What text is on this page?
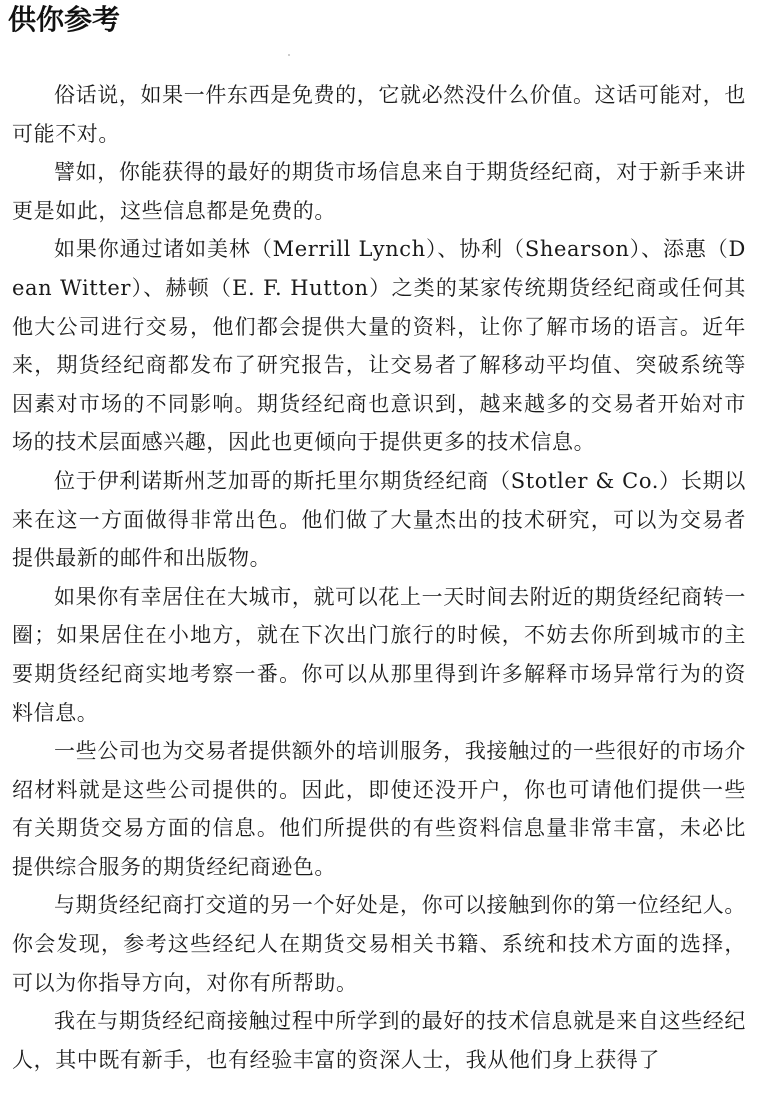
供你参考

俗话说，如果一件东西是免费的，它就必然没什么价值。这话可能对，也可能不对。

譬如，你能获得的最好的期货市场信息来自于期货经纪商，对于新手来讲更是如此，这些信息都是免费的。

如果你通过诸如美林（Merrill Lynch）、协利（Shearson）、添惠（Dean Witter）、赫顿（E. F. Hutton）之类的某家传统期货经纪商或任何其他大公司进行交易，他们都会提供大量的资料，让你了解市场的语言。近年来，期货经纪商都发布了研究报告，让交易者了解移动平均值、突破系统等因素对市场的不同影响。期货经纪商也意识到，越来越多的交易者开始对市场的技术层面感兴趣，因此也更倾向于提供更多的技术信息。

位于伊利诺斯州芝加哥的斯托里尔期货经纪商（Stotler & Co.）长期以来在这一方面做得非常出色。他们做了大量杰出的技术研究，可以为交易者提供最新的邮件和出版物。

如果你有幸居住在大城市，就可以花上一天时间去附近的期货经纪商转一圈；如果居住在小地方，就在下次出门旅行的时候，不妨去你所到城市的主要期货经纪商实地考察一番。你可以从那里得到许多解释市场异常行为的资料信息。

一些公司也为交易者提供额外的培训服务，我接触过的一些很好的市场介绍材料就是这些公司提供的。因此，即使还没开户，你也可请他们提供一些有关期货交易方面的信息。他们所提供的有些资料信息量非常丰富，未必比提供综合服务的期货经纪商逊色。

与期货经纪商打交道的另一个好处是，你可以接触到你的第一位经纪人。你会发现，参考这些经纪人在期货交易相关书籍、系统和技术方面的选择，可以为你指导方向，对你有所帮助。

我在与期货经纪商接触过程中所学到的最好的技术信息就是来自这些经纪人，其中既有新手，也有经验丰富的资深人士，我从他们身上获得了
